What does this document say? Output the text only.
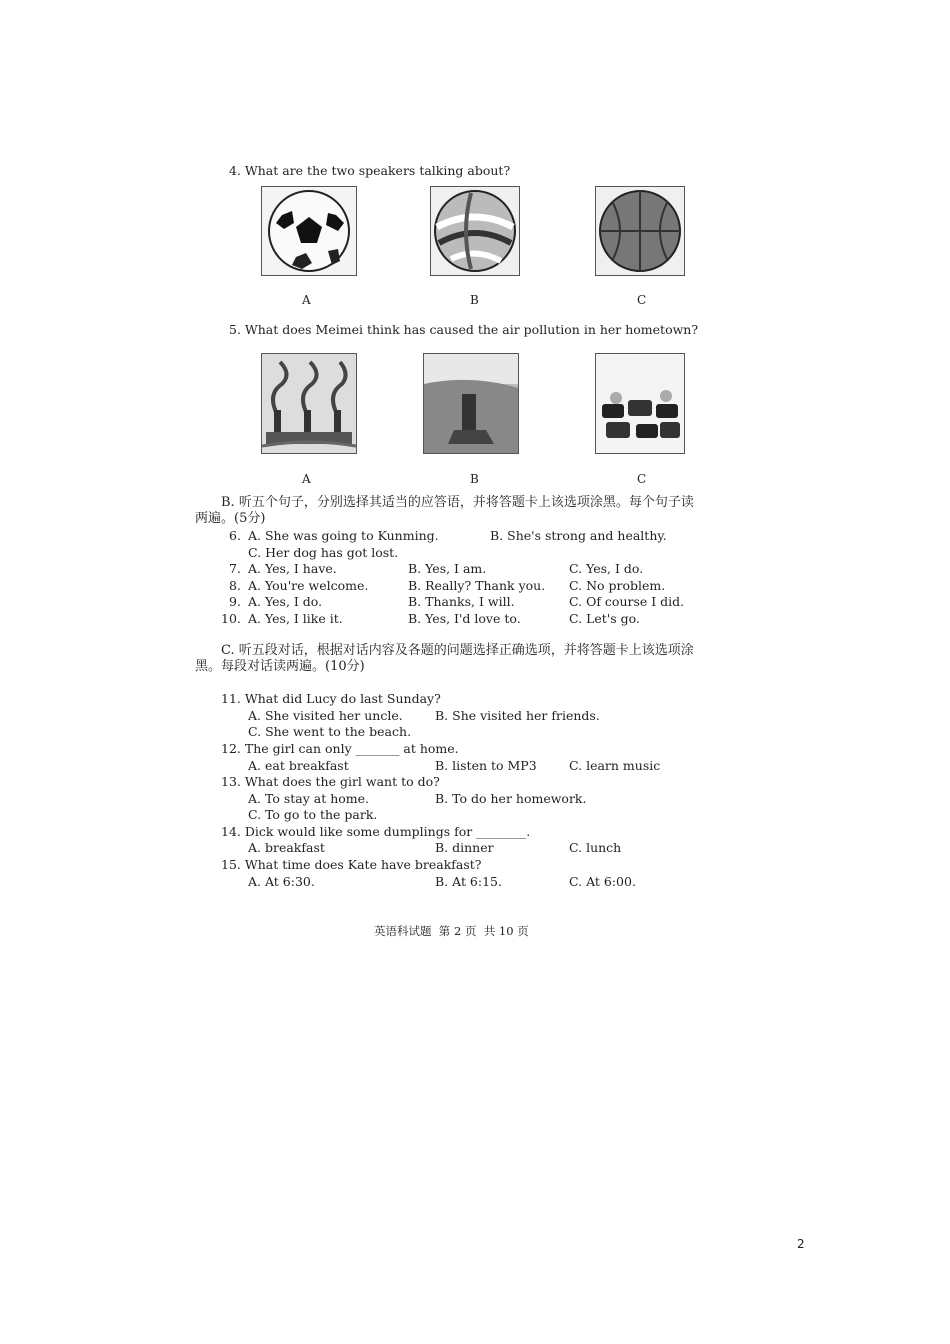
4. What are the two speakers talking about?
A	B	C
5. What does Meimei think has caused the air pollution in her hometown?
A	B	C
B. 听五个句子，分别选择其适当的应答语，并将答题卡上该选项涂黑。每个句子读
两遍。(5分)
6. A. She was going to Kunming.	B. She's strong and healthy.
C. Her dog has got lost.
7. A. Yes, I have.	B. Yes, I am.	C. Yes, I do.
8. A. You're welcome.	B. Really? Thank you. C. No problem.
9. A. Yes, I do.	B. Thanks, I will.	C. Of course I did.
10. A. Yes, I like it.	B. Yes, I'd love to.	C. Let's go.
C. 听五段对话，根据对话内容及各题的问题选择正确选项，并将答题卡上该选项涂
黑。每段对话读两遍。(10分)
11. What did Lucy do last Sunday?
A. She visited her uncle.	B. She visited her friends.
C. She went to the beach.
12. The girl can only _______ at home.
A. eat breakfast	B. listen to MP3	C. learn music
13. What does the girl want to do?
A. To stay at home.	B. To do her homework.
C. To go to the park.
14. Dick would like some dumplings for ________.
A. breakfast	B. dinner	C. lunch
15. What time does Kate have breakfast?
A. At 6:30.	B. At 6:15.	C. At 6:00.
英语科试题  第 2 页  共 10 页
2
